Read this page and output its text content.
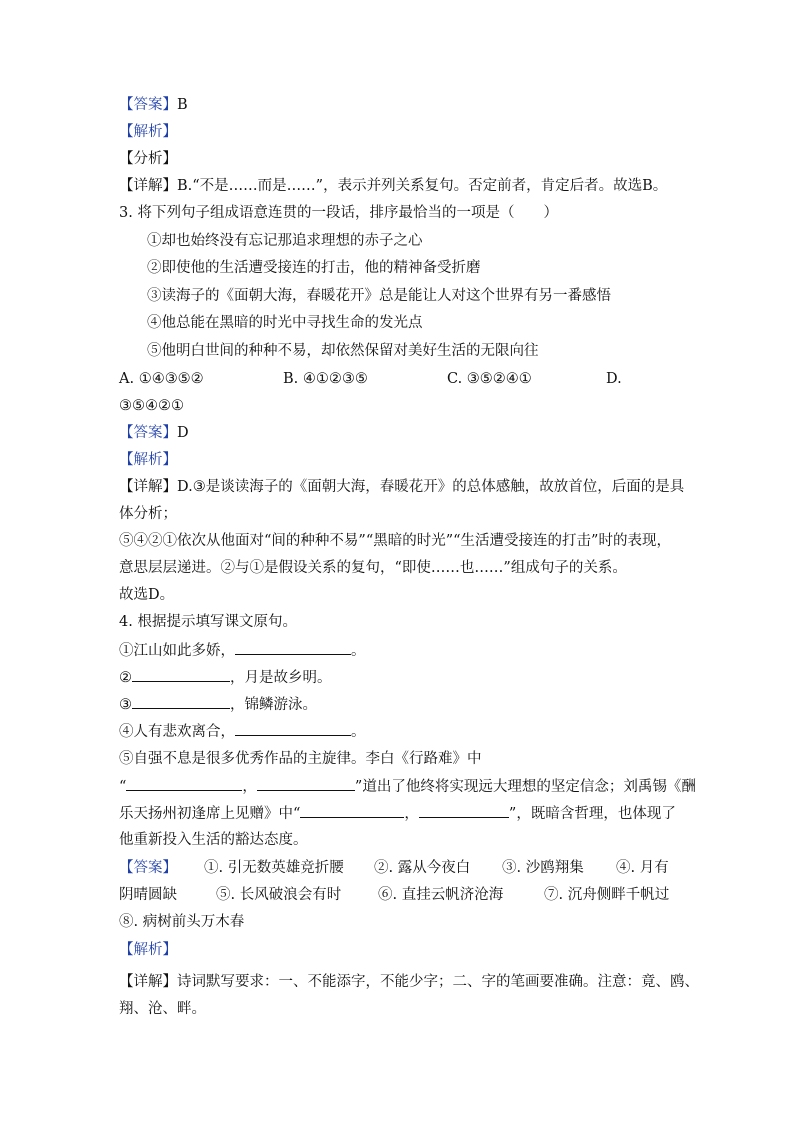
【答案】B
【解析】
【分析】
【详解】B.“不是……而是……”，表示并列关系复句。否定前者，肯定后者。故选B。
3. 将下列句子组成语意连贯的一段话，排序最恰当的一项是（　　）
①却也始终没有忘记那追求理想的赤子之心
②即使他的生活遭受接连的打击，他的精神备受折磨
③读海子的《面朝大海，春暖花开》总是能让人对这个世界有另一番感悟
④他总能在黑暗的时光中寻找生命的发光点
⑤他明白世间的种种不易，却依然保留对美好生活的无限向往
A. ①④③⑤②	B. ④①②③⑤	C. ③⑤②④①	D.
③⑤④②①
【答案】D
【解析】
【详解】D.③是谈读海子的《面朝大海，春暖花开》的总体感触，故放首位，后面的是具
体分析；
⑤④②①依次从他面对“间的种种不易”“黑暗的时光”“生活遭受接连的打击”时的表现，
意思层层递进。②与①是假设关系的复句，“即使……也……”组成句子的关系。
故选D。
4. 根据提示填写课文原句。
①江山如此多娇，	。
②	，月是故乡明。
③	，锦鳞游泳。
④人有悲欢离合，	。
⑤自强不息是很多优秀作品的主旋律。李白《行路难》中
“	，	”道出了他终将实现远大理想的坚定信念；刘禹锡《酬
乐天扬州初逢席上见赠》中“	，	”，既暗含哲理，也体现了
他重新投入生活的豁达态度。
【答案】 ①. 引无数英雄竞折腰 ②. 露从今夜白 ③. 沙鸥翔集 ④. 月有
阴晴圆缺	⑤. 长风破浪会有时	⑥. 直挂云帆济沧海	⑦. 沉舟侧畔千帆过
⑧. 病树前头万木春
【解析】
【详解】诗词默写要求：一、不能添字，不能少字；二、字的笔画要准确。注意：竟、鸥、
翔、沧、畔。
